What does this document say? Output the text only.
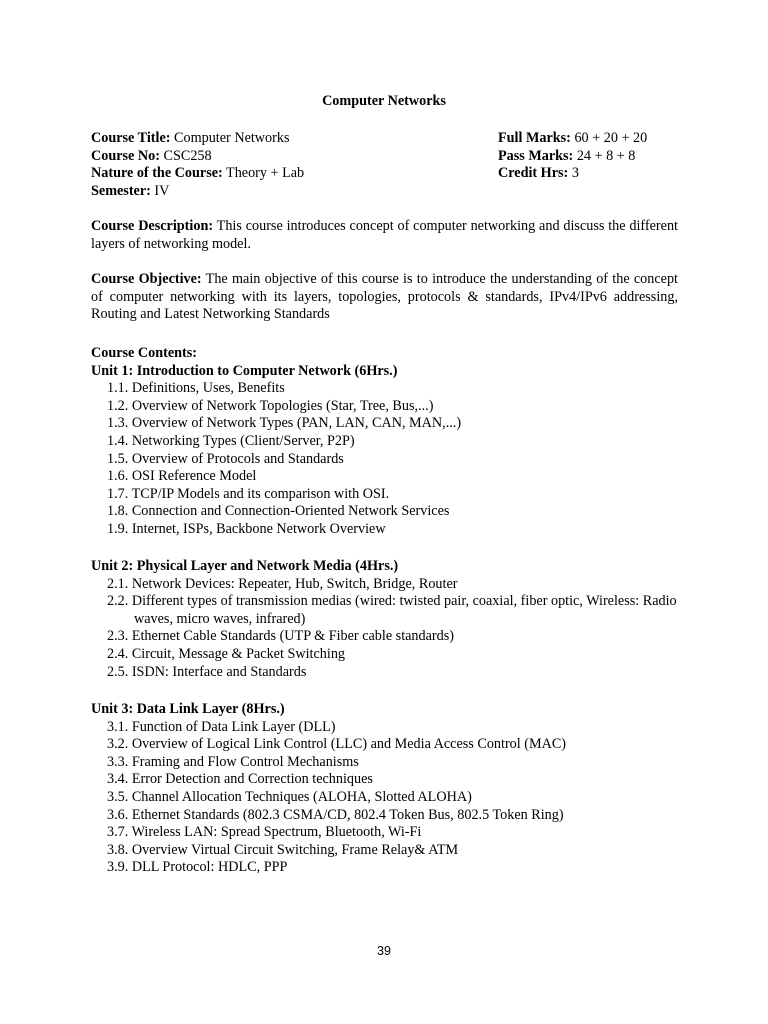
Computer Networks
Course Title: Computer Networks	Full Marks: 60 + 20 + 20
Course No: CSC258	Pass Marks: 24 + 8 + 8
Nature of the Course: Theory + Lab	Credit Hrs: 3
Semester: IV
Course Description: This course introduces concept of computer networking and discuss the different layers of networking model.
Course Objective: The main objective of this course is to introduce the understanding of the concept of computer networking with its layers, topologies, protocols & standards, IPv4/IPv6 addressing, Routing and Latest Networking Standards
Course Contents:
Unit 1: Introduction to Computer Network (6Hrs.)
1.1. Definitions, Uses, Benefits
1.2. Overview of Network Topologies (Star, Tree, Bus,...)
1.3. Overview of Network Types (PAN, LAN, CAN, MAN,...)
1.4. Networking Types (Client/Server, P2P)
1.5. Overview of Protocols and Standards
1.6. OSI Reference Model
1.7. TCP/IP Models and its comparison with OSI.
1.8. Connection and Connection-Oriented Network Services
1.9. Internet, ISPs, Backbone Network Overview
Unit 2: Physical Layer and Network Media (4Hrs.)
2.1. Network Devices: Repeater, Hub, Switch, Bridge, Router
2.2. Different types of transmission medias (wired: twisted pair, coaxial, fiber optic, Wireless: Radio waves, micro waves, infrared)
2.3. Ethernet Cable Standards (UTP & Fiber cable standards)
2.4. Circuit, Message & Packet Switching
2.5. ISDN: Interface and Standards
Unit 3: Data Link Layer (8Hrs.)
3.1. Function of Data Link Layer (DLL)
3.2. Overview of Logical Link Control (LLC) and Media Access Control (MAC)
3.3. Framing and Flow Control Mechanisms
3.4. Error Detection and Correction techniques
3.5. Channel Allocation Techniques (ALOHA, Slotted ALOHA)
3.6. Ethernet Standards (802.3 CSMA/CD, 802.4 Token Bus, 802.5 Token Ring)
3.7. Wireless LAN: Spread Spectrum, Bluetooth, Wi-Fi
3.8. Overview Virtual Circuit Switching, Frame Relay& ATM
3.9. DLL Protocol: HDLC, PPP
39
